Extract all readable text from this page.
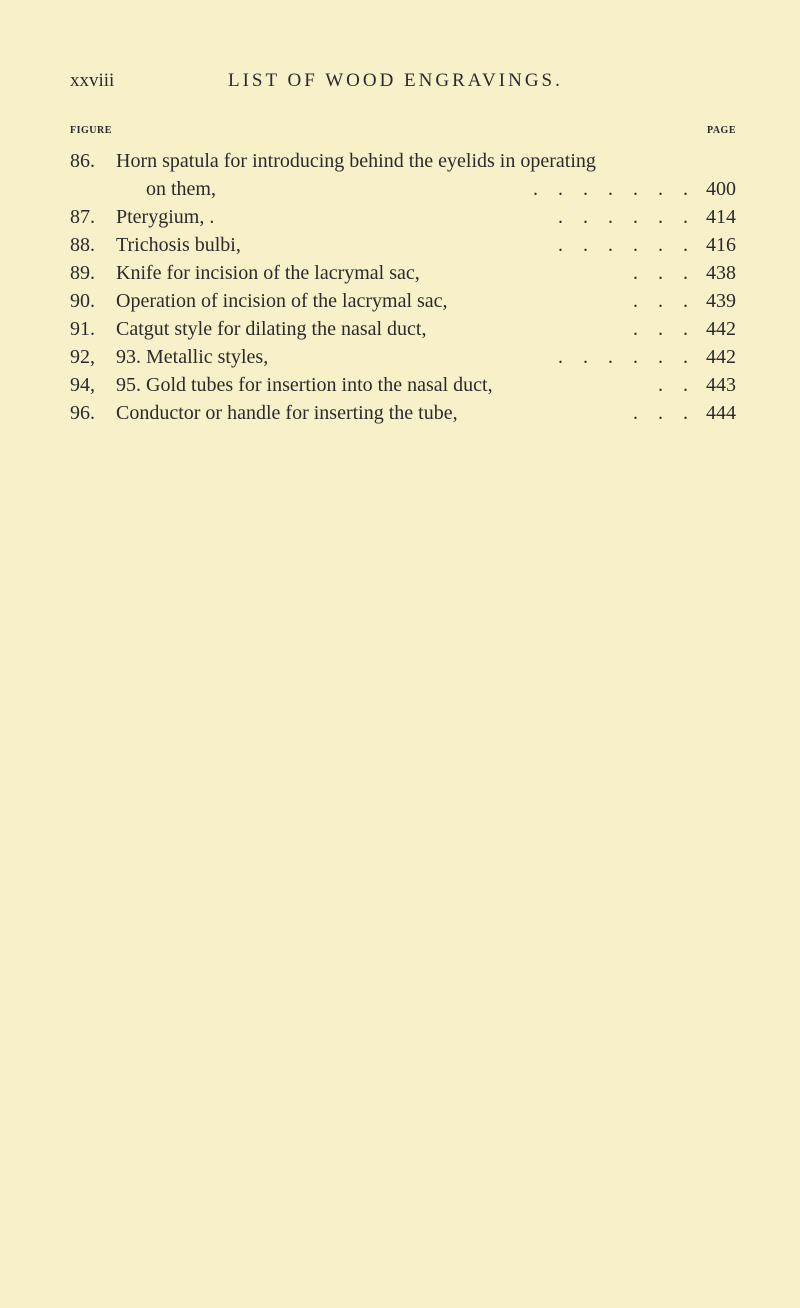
xxviii	LIST OF WOOD ENGRAVINGS.
FIGURE	PAGE
86.	Horn spatula for introducing behind the eyelids in operating
on them,	.    .    .    .    .    .    . 400
87.	Pterygium, .	.    .    .    .    .    . 414
88.	Trichosis bulbi,	.    .    .    .    .    . 416
89.	Knife for incision of the lacrymal sac,	.    .    . 438
90.	Operation of incision of the lacrymal sac,	.    .    . 439
91.	Catgut style for dilating the nasal duct,	.    .    . 442
92,	93. Metallic styles,	.    .    .    .    .    . 442
94,	95. Gold tubes for insertion into the nasal duct,	.    . 443
96.	Conductor or handle for inserting the tube,	.    .    . 444
